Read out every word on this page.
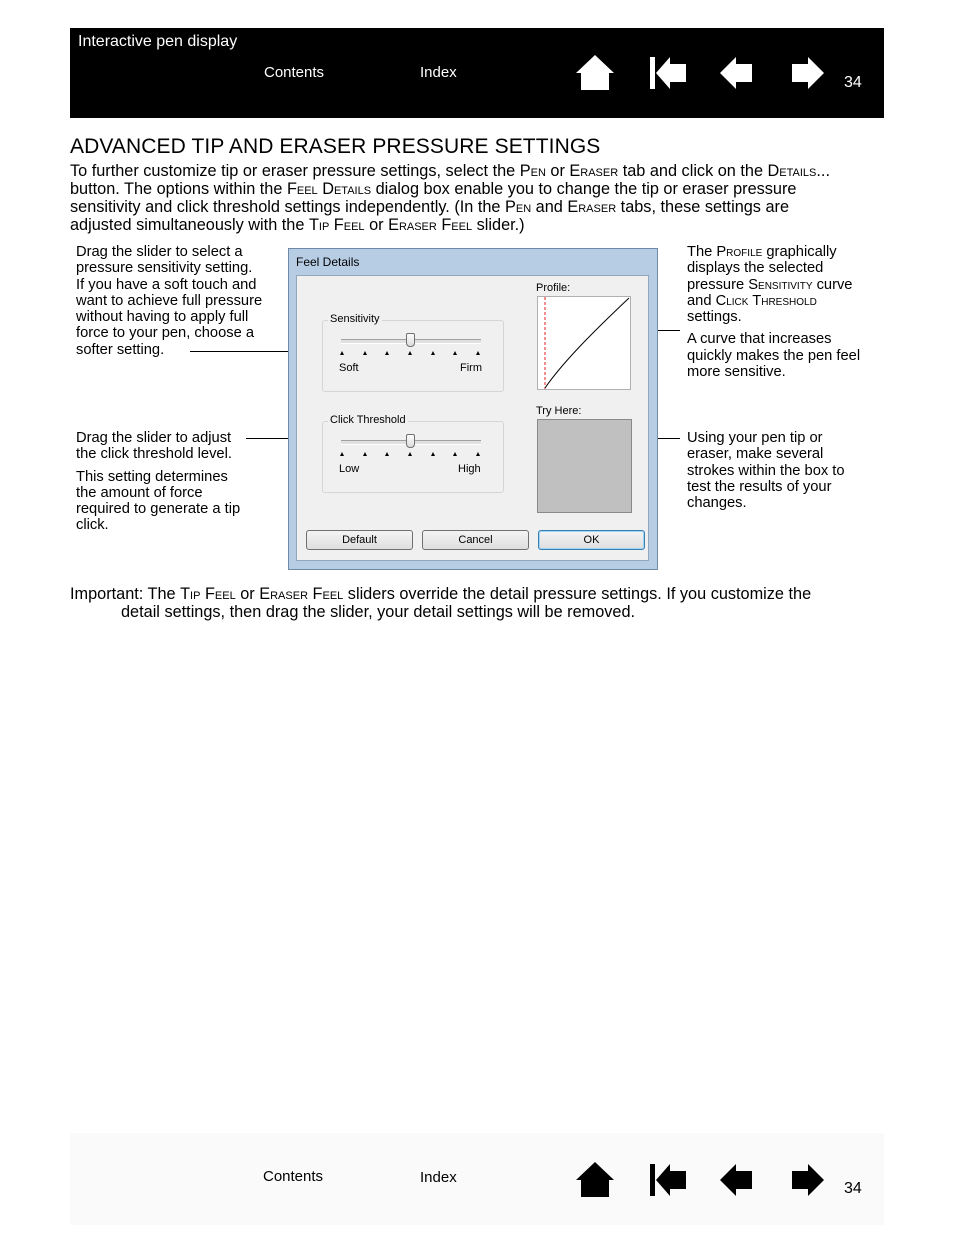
Interactive pen display
Contents	Index
34
ADVANCED TIP AND ERASER PRESSURE SETTINGS
To further customize tip or eraser pressure settings, select the Pen or Eraser tab and click on the Details...
button. The options within the Feel Details dialog box enable you to change the tip or eraser pressure
sensitivity and click threshold settings independently. (In the Pen and Eraser tabs, these settings are
adjusted simultaneously with the Tip Feel or Eraser Feel slider.)
Drag the slider to select a
pressure sensitivity setting.
If you have a soft touch and
want to achieve full pressure
without having to apply full
force to your pen, choose a
softer setting.
Drag the slider to adjust
the click threshold level.
This setting determines
the amount of force
required to generate a tip
click.
The Profile graphically
displays the selected
pressure Sensitivity curve
and Click Threshold
settings.
A curve that increases
quickly makes the pen feel
more sensitive.
Using your pen tip or
eraser, make several
strokes within the box to
test the results of your
changes.
Feel Details
Sensitivity
Soft	Firm
Click Threshold
Low	High
Profile:
Try Here:
Default	Cancel	OK
Important: The Tip Feel or Eraser Feel sliders override the detail pressure settings. If you customize the
detail settings, then drag the slider, your detail settings will be removed.
Contents	Index
34
